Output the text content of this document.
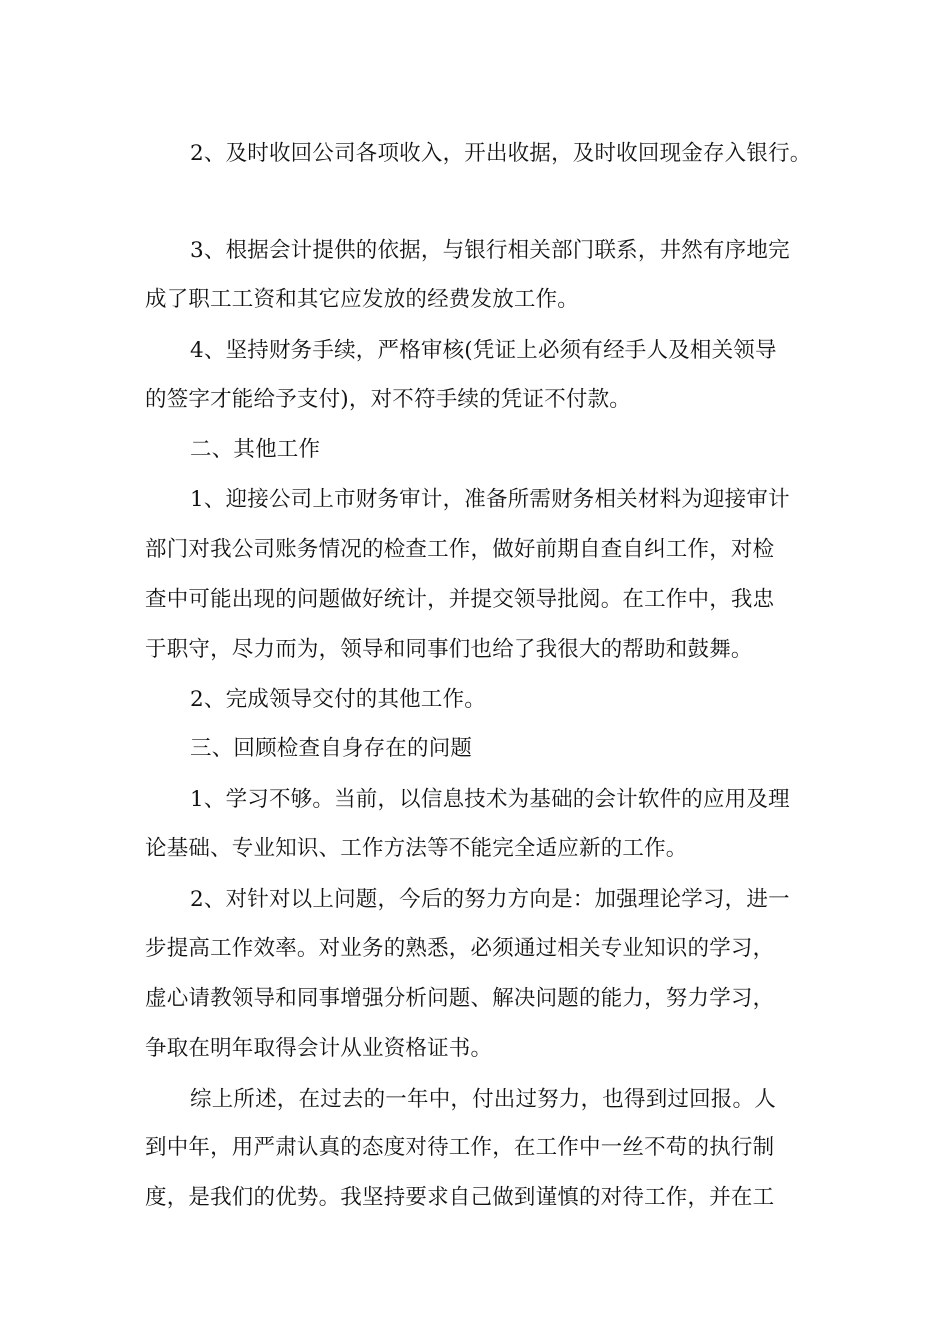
2、及时收回公司各项收入，开出收据，及时收回现金存入银行。
3、根据会计提供的依据，与银行相关部门联系，井然有序地完
成了职工工资和其它应发放的经费发放工作。
4、坚持财务手续，严格审核(凭证上必须有经手人及相关领导
的签字才能给予支付)，对不符手续的凭证不付款。
二、其他工作
1、迎接公司上市财务审计，准备所需财务相关材料为迎接审计
部门对我公司账务情况的检查工作，做好前期自查自纠工作，对检
查中可能出现的问题做好统计，并提交领导批阅。在工作中，我忠
于职守，尽力而为，领导和同事们也给了我很大的帮助和鼓舞。
2、完成领导交付的其他工作。
三、回顾检查自身存在的问题
1、学习不够。当前，以信息技术为基础的会计软件的应用及理
论基础、专业知识、工作方法等不能完全适应新的工作。
2、对针对以上问题，今后的努力方向是：加强理论学习，进一
步提高工作效率。对业务的熟悉，必须通过相关专业知识的学习，
虚心请教领导和同事增强分析问题、解决问题的能力，努力学习，
争取在明年取得会计从业资格证书。
综上所述，在过去的一年中，付出过努力，也得到过回报。人
到中年，用严肃认真的态度对待工作，在工作中一丝不苟的执行制
度，是我们的优势。我坚持要求自己做到谨慎的对待工作，并在工
